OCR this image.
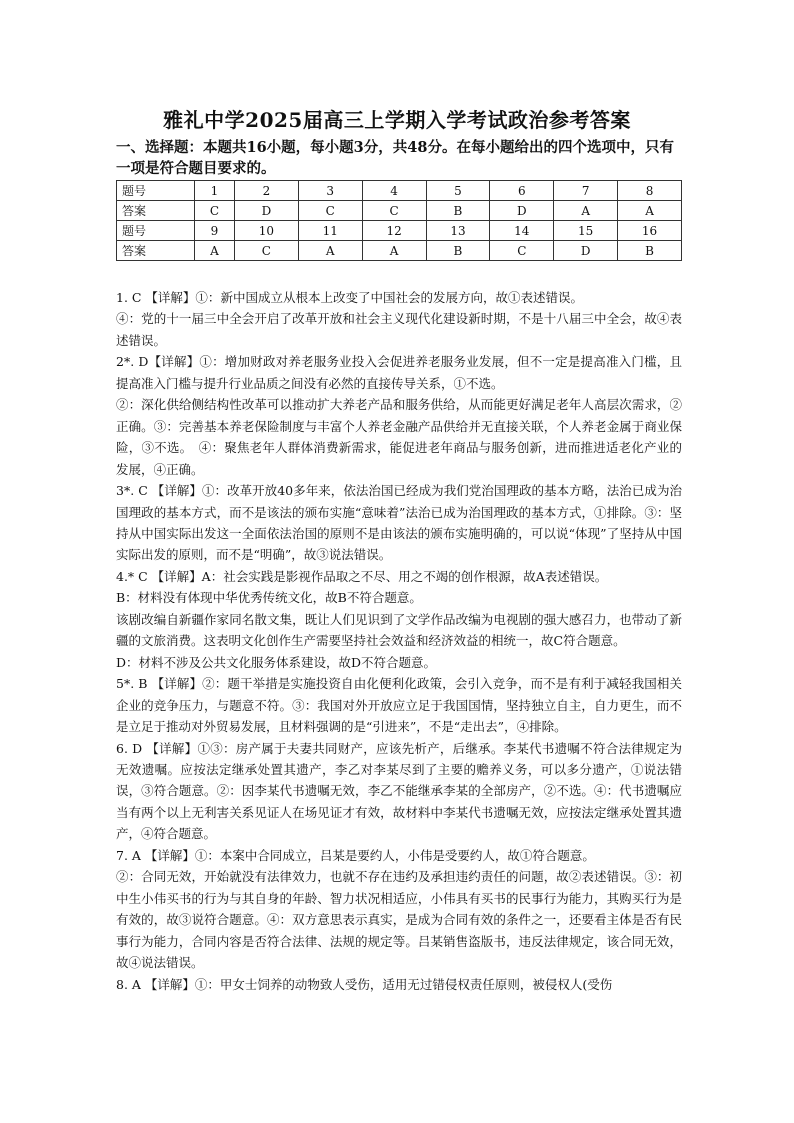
雅礼中学2025届高三上学期入学考试政治参考答案
一、选择题：本题共16小题，每小题3分，共48分。在每小题给出的四个选项中，只有一项是符合题目要求的。
题号	1	2	3	4	5	6	7	8
答案	C	D	C	C	B	D	A	A
题号	9	10	11	12	13	14	15	16
答案	A	C	A	A	B	C	D	B

1. C 【详解】①：新中国成立从根本上改变了中国社会的发展方向，故①表述错误。

④：党的十一届三中全会开启了改革开放和社会主义现代化建设新时期，不是十八届三中全会，故④表述错误。

2*. D【详解】①：增加财政对养老服务业投入会促进养老服务业发展，但不一定是提高准入门槛，且提高准入门槛与提升行业品质之间没有必然的直接传导关系，①不选。

②：深化供给侧结构性改革可以推动扩大养老产品和服务供给，从而能更好满足老年人高层次需求，②正确。③：完善基本养老保险制度与丰富个人养老金融产品供给并无直接关联，个人养老金属于商业保险，③不选。　④：聚焦老年人群体消费新需求，能促进老年商品与服务创新，进而推进适老化产业的发展，④正确。

3*. C 【详解】①：改革开放40多年来，依法治国已经成为我们党治国理政的基本方略，法治已成为治国理政的基本方式，而不是该法的颁布实施“意味着”法治已成为治国理政的基本方式，①排除。③：坚持从中国实际出发这一全面依法治国的原则不是由该法的颁布实施明确的，可以说“体现”了坚持从中国实际出发的原则，而不是“明确”，故③说法错误。

4.* C 【详解】A：社会实践是影视作品取之不尽、用之不竭的创作根源，故A表述错误。

B：材料没有体现中华优秀传统文化，故B不符合题意。

该剧改编自新疆作家同名散文集，既让人们见识到了文学作品改编为电视剧的强大感召力，也带动了新疆的文旅消费。这表明文化创作生产需要坚持社会效益和经济效益的相统一，故C符合题意。

D：材料不涉及公共文化服务体系建设，故D不符合题意。

5*. B 【详解】②：题干举措是实施投资自由化便利化政策，会引入竞争，而不是有利于减轻我国相关企业的竞争压力，与题意不符。③：我国对外开放应立足于我国国情，坚持独立自主，自力更生，而不是立足于推动对外贸易发展，且材料强调的是“引进来”，不是“走出去”，④排除。

6. D 【详解】①③：房产属于夫妻共同财产，应该先析产，后继承。李某代书遗嘱不符合法律规定为无效遗嘱。应按法定继承处置其遗产，李乙对李某尽到了主要的赡养义务，可以多分遗产，①说法错误，③符合题意。②：因李某代书遗嘱无效，李乙不能继承李某的全部房产，②不选。④：代书遗嘱应当有两个以上无利害关系见证人在场见证才有效，故材料中李某代书遗嘱无效，应按法定继承处置其遗产，④符合题意。

7. A 【详解】①：本案中合同成立，吕某是要约人，小伟是受要约人，故①符合题意。

②：合同无效，开始就没有法律效力，也就不存在违约及承担违约责任的问题，故②表述错误。③：初中生小伟买书的行为与其自身的年龄、智力状况相适应，小伟具有买书的民事行为能力，其购买行为是有效的，故③说符合题意。④：双方意思表示真实，是成为合同有效的条件之一，还要看主体是否有民事行为能力，合同内容是否符合法律、法规的规定等。吕某销售盗版书，违反法律规定，该合同无效，故④说法错误。

8. A 【详解】①：甲女士饲养的动物致人受伤，适用无过错侵权责任原则，被侵权人(受伤
